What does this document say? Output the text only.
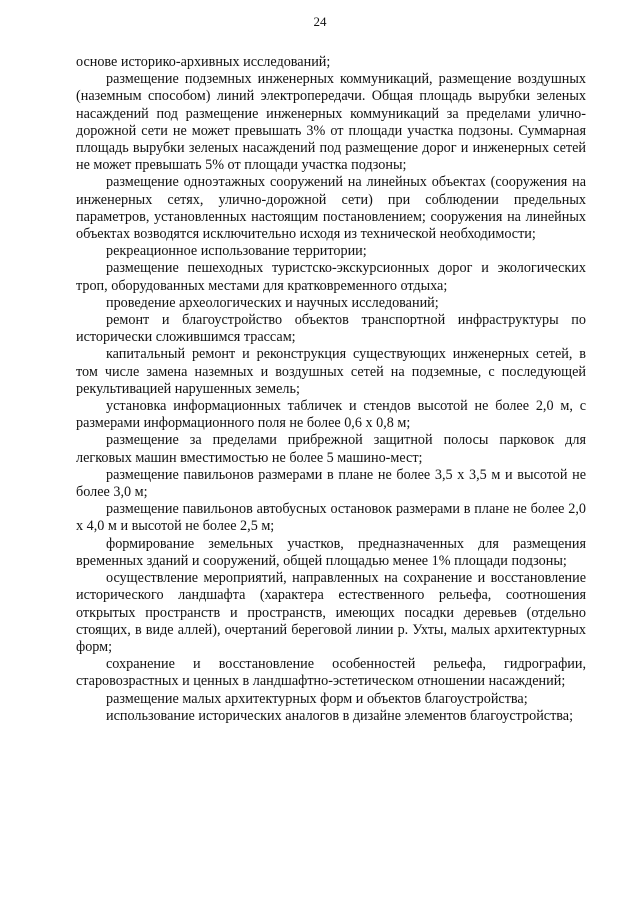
24

основе историко-архивных исследований;

размещение подземных инженерных коммуникаций, размещение воздушных (наземным способом) линий электропередачи. Общая площадь вырубки зеленых насаждений под размещение инженерных коммуникаций за пределами улично-дорожной сети не может превышать 3% от площади участка подзоны. Суммарная площадь вырубки зеленых насаждений под размещение дорог и инженерных сетей не может превышать 5% от площади участка подзоны;

размещение одноэтажных сооружений на линейных объектах (сооружения на инженерных сетях, улично-дорожной сети) при соблюдении предельных параметров, установленных настоящим постановлением; сооружения на линейных объектах возводятся исключительно исходя из технической необходимости;

рекреационное использование территории;

размещение пешеходных туристско-экскурсионных дорог и экологических троп, оборудованных местами для кратковременного отдыха;

проведение археологических и научных исследований;

ремонт и благоустройство объектов транспортной инфраструктуры по исторически сложившимся трассам;

капитальный ремонт и реконструкция существующих инженерных сетей, в том числе замена наземных и воздушных сетей на подземные, с последующей рекультивацией нарушенных земель;

установка информационных табличек и стендов высотой не более 2,0 м, с размерами информационного поля не более 0,6 х 0,8 м;

размещение за пределами прибрежной защитной полосы парковок для легковых машин вместимостью не более 5 машино-мест;

размещение павильонов размерами в плане не более 3,5 х 3,5 м и высотой не более 3,0 м;

размещение павильонов автобусных остановок размерами в плане не более 2,0 х 4,0 м и высотой не более 2,5 м;

формирование земельных участков, предназначенных для размещения временных зданий и сооружений, общей площадью менее 1% площади подзоны;

осуществление мероприятий, направленных на сохранение и восстановление исторического ландшафта (характера естественного рельефа, соотношения открытых пространств и пространств, имеющих посадки деревьев (отдельно стоящих, в виде аллей), очертаний береговой линии р. Ухты, малых архитектурных форм;

сохранение и восстановление особенностей рельефа, гидрографии, старовозрастных и ценных в ландшафтно-эстетическом отношении насаждений;

размещение малых архитектурных форм и объектов благоустройства;

использование исторических аналогов в дизайне элементов благоустройства;
